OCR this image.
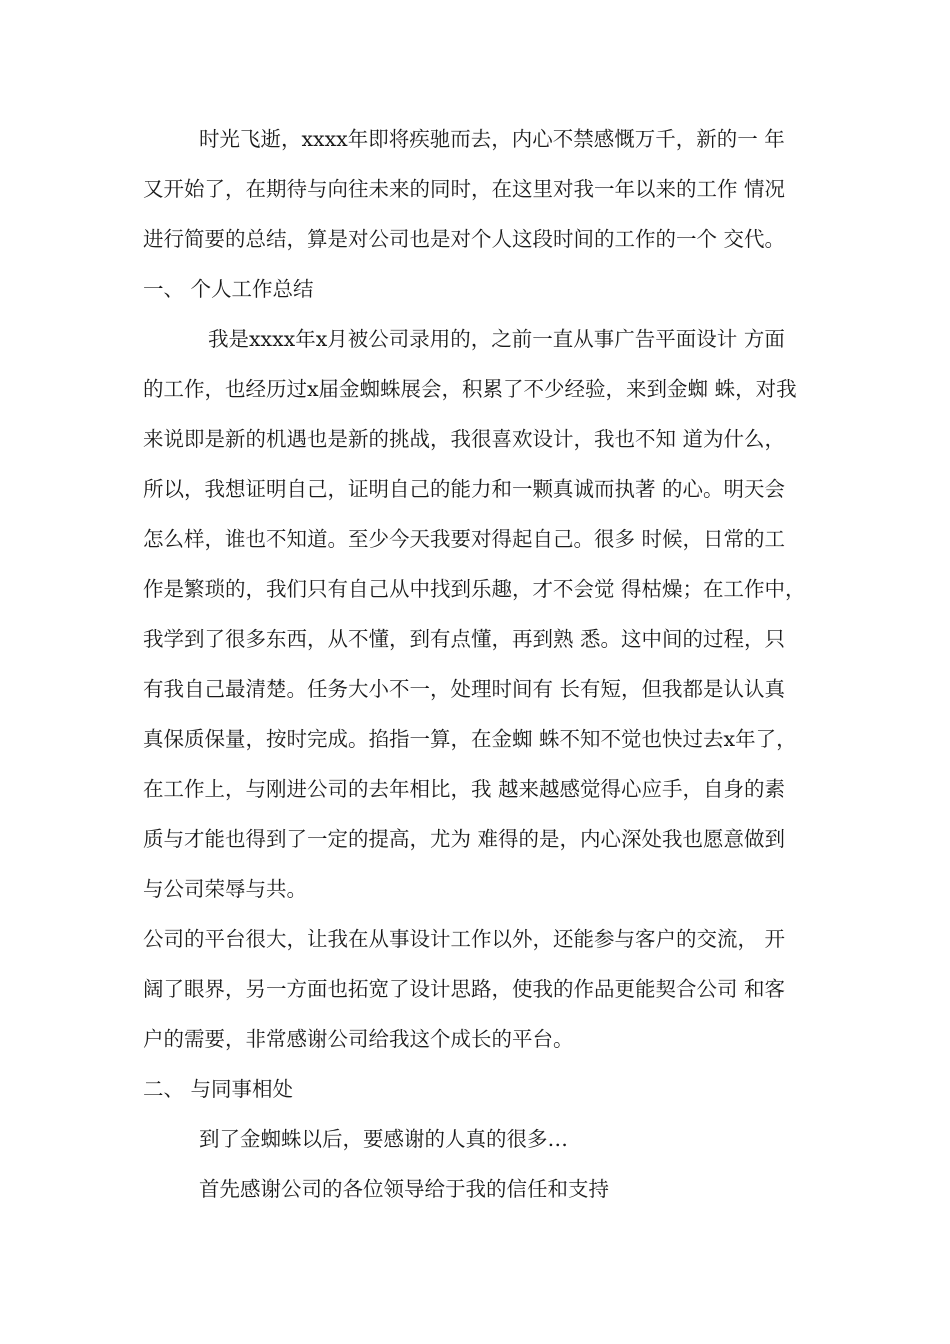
时光飞逝，xxxx年即将疾驰而去，内心不禁感慨万千，新的一 年
又开始了，在期待与向往未来的同时，在这里对我一年以来的工作 情况
进行简要的总结，算是对公司也是对个人这段时间的工作的一个 交代。
一、 个人工作总结
我是xxxx年x月被公司录用的，之前一直从事广告平面设计 方面
的工作，也经历过x届金蜘蛛展会，积累了不少经验，来到金蜘 蛛，对我
来说即是新的机遇也是新的挑战，我很喜欢设计，我也不知 道为什么，
所以，我想证明自己，证明自己的能力和一颗真诚而执著 的心。明天会
怎么样，谁也不知道。至少今天我要对得起自己。很多 时候，日常的工
作是繁琐的，我们只有自己从中找到乐趣，才不会觉 得枯燥；在工作中，
我学到了很多东西，从不懂，到有点懂，再到熟 悉。这中间的过程，只
有我自己最清楚。任务大小不一，处理时间有 长有短，但我都是认认真
真保质保量，按时完成。掐指一算，在金蜘 蛛不知不觉也快过去x年了，
在工作上，与刚进公司的去年相比，我 越来越感觉得心应手，自身的素
质与才能也得到了一定的提高，尤为 难得的是，内心深处我也愿意做到
与公司荣辱与共。
公司的平台很大，让我在从事设计工作以外，还能参与客户的交流， 开
阔了眼界，另一方面也拓宽了设计思路，使我的作品更能契合公司 和客
户的需要，非常感谢公司给我这个成长的平台。
二、 与同事相处
到了金蜘蛛以后，要感谢的人真的很多…
首先感谢公司的各位领导给于我的信任和支持
